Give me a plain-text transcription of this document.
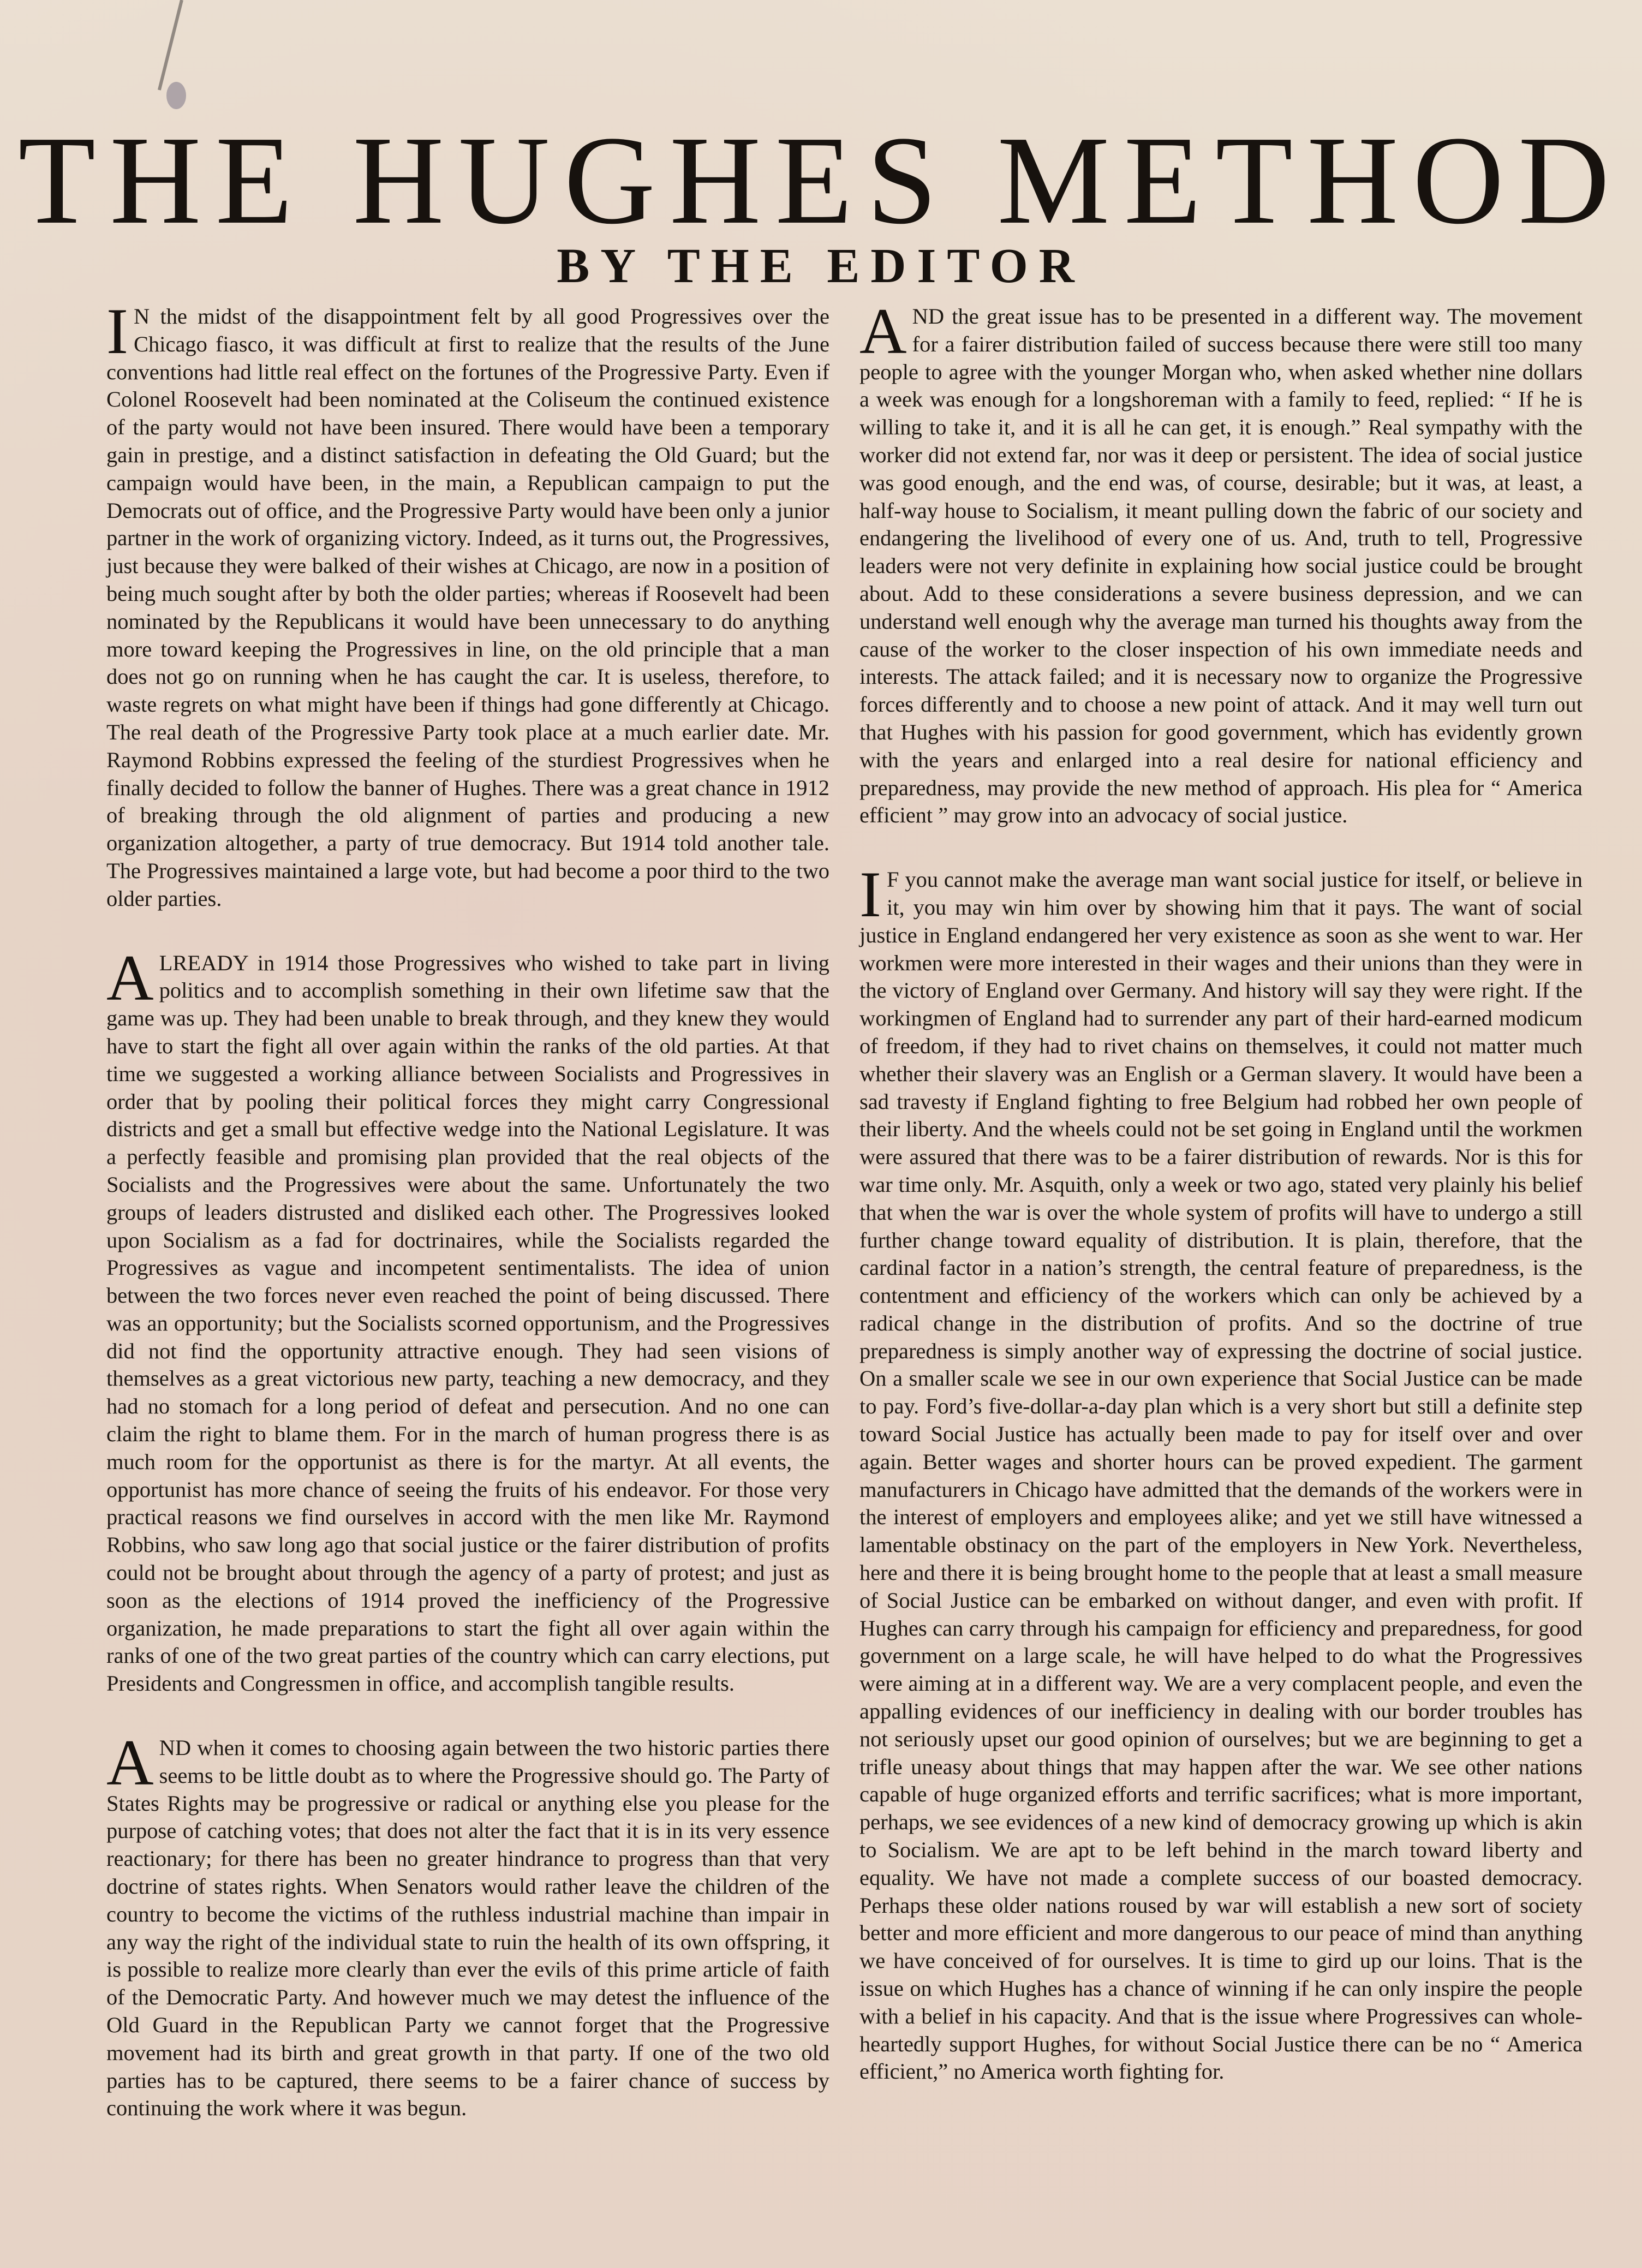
THE HUGHES METHOD
BY THE EDITOR

I N the midst of the disappointment felt by all good Progressives over the Chicago fiasco, it was difficult at first to realize that the results of the June conventions had little real effect on the fortunes of the Progressive Party. Even if Colonel Roosevelt had been nominated at the Coliseum the continued existence of the party would not have been insured. There would have been a temporary gain in prestige, and a distinct satisfaction in defeating the Old Guard; but the campaign would have been, in the main, a Republican campaign to put the Democrats out of office, and the Progressive Party would have been only a junior partner in the work of organizing victory. Indeed, as it turns out, the Progressives, just because they were balked of their wishes at Chicago, are now in a position of being much sought after by both the older parties; whereas if Roosevelt had been nominated by the Republicans it would have been unnecessary to do anything more toward keeping the Progressives in line, on the old principle that a man does not go on running when he has caught the car. It is useless, therefore, to waste regrets on what might have been if things had gone differently at Chicago. The real death of the Progressive Party took place at a much earlier date. Mr. Raymond Robbins expressed the feeling of the sturdiest Progressives when he finally decided to follow the banner of Hughes. There was a great chance in 1912 of breaking through the old alignment of parties and producing a new organization altogether, a party of true democracy. But 1914 told another tale. The Progressives maintained a large vote, but had become a poor third to the two older parties.

ALREADY in 1914 those Progressives who wished to take part in living politics and to accomplish something in their own lifetime saw that the game was up. They had been unable to break through, and they knew they would have to start the fight all over again within the ranks of the old parties. At that time we suggested a working alliance between Socialists and Progressives in order that by pooling their political forces they might carry Congressional districts and get a small but effective wedge into the National Legislature. It was a perfectly feasible and promising plan provided that the real objects of the Socialists and the Progressives were about the same. Unfortunately the two groups of leaders distrusted and disliked each other. The Progressives looked upon Socialism as a fad for doctrinaires, while the Socialists regarded the Progressives as vague and incompetent sentimentalists. The idea of union between the two forces never even reached the point of being discussed. There was an opportunity; but the Socialists scorned opportunism, and the Progressives did not find the opportunity attractive enough. They had seen visions of themselves as a great victorious new party, teaching a new democracy, and they had no stomach for a long period of defeat and persecution. And no one can claim the right to blame them. For in the march of human progress there is as much room for the opportunist as there is for the martyr. At all events, the opportunist has more chance of seeing the fruits of his endeavor. For those very practical reasons we find ourselves in accord with the men like Mr. Raymond Robbins, who saw long ago that social justice or the fairer distribution of profits could not be brought about through the agency of a party of protest; and just as soon as the elections of 1914 proved the inefficiency of the Progressive organization, he made preparations to start the fight all over again within the ranks of one of the two great parties of the country which can carry elections, put Presidents and Congressmen in office, and accomplish tangible results.

AND when it comes to choosing again between the two historic parties there seems to be little doubt as to where the Progressive should go. The Party of States Rights may be progressive or radical or anything else you please for the purpose of catching votes; that does not alter the fact that it is in its very essence reactionary; for there has been no greater hindrance to progress than that very doctrine of states rights. When Senators would rather leave the children of the country to become the victims of the ruthless industrial machine than impair in any way the right of the individual state to ruin the health of its own offspring, it is possible to realize more clearly than ever the evils of this prime article of faith of the Democratic Party. And however much we may detest the influence of the Old Guard in the Republican Party we cannot forget that the Progressive movement had its birth and great growth in that party. If one of the two old parties has to be captured, there seems to be a fairer chance of success by continuing the work where it was begun.

AND the great issue has to be presented in a different way. The movement for a fairer distribution failed of success because there were still too many people to agree with the younger Morgan who, when asked whether nine dollars a week was enough for a longshoreman with a family to feed, replied: “ If he is willing to take it, and it is all he can get, it is enough.” Real sympathy with the worker did not extend far, nor was it deep or persistent. The idea of social justice was good enough, and the end was, of course, desirable; but it was, at least, a half-way house to Socialism, it meant pulling down the fabric of our society and endangering the livelihood of every one of us. And, truth to tell, Progressive leaders were not very definite in explaining how social justice could be brought about. Add to these considerations a severe business depression, and we can understand well enough why the average man turned his thoughts away from the cause of the worker to the closer inspection of his own immediate needs and interests. The attack failed; and it is necessary now to organize the Progressive forces differently and to choose a new point of attack. And it may well turn out that Hughes with his passion for good government, which has evidently grown with the years and enlarged into a real desire for national efficiency and preparedness, may provide the new method of approach. His plea for “ America efficient ” may grow into an advocacy of social justice.

I F you cannot make the average man want social justice for itself, or believe in it, you may win him over by showing him that it pays. The want of social justice in England endangered her very existence as soon as she went to war. Her workmen were more interested in their wages and their unions than they were in the victory of England over Germany. And history will say they were right. If the workingmen of England had to surrender any part of their hard-earned modicum of freedom, if they had to rivet chains on themselves, it could not matter much whether their slavery was an English or a German slavery. It would have been a sad travesty if England fighting to free Belgium had robbed her own people of their liberty. And the wheels could not be set going in England until the workmen were assured that there was to be a fairer distribution of rewards. Nor is this for war time only. Mr. Asquith, only a week or two ago, stated very plainly his belief that when the war is over the whole system of profits will have to undergo a still further change toward equality of distribution. It is plain, therefore, that the cardinal factor in a nation’s strength, the central feature of preparedness, is the contentment and efficiency of the workers which can only be achieved by a radical change in the distribution of profits. And so the doctrine of true preparedness is simply another way of expressing the doctrine of social justice. On a smaller scale we see in our own experience that Social Justice can be made to pay. Ford’s five-dollar-a-day plan which is a very short but still a definite step toward Social Justice has actually been made to pay for itself over and over again. Better wages and shorter hours can be proved expedient. The garment manufacturers in Chicago have admitted that the demands of the workers were in the interest of employers and employees alike; and yet we still have witnessed a lamentable obstinacy on the part of the employers in New York. Nevertheless, here and there it is being brought home to the people that at least a small measure of Social Justice can be embarked on without danger, and even with profit. If Hughes can carry through his campaign for efficiency and preparedness, for good government on a large scale, he will have helped to do what the Progressives were aiming at in a different way. We are a very complacent people, and even the appalling evidences of our inefficiency in dealing with our border troubles has not seriously upset our good opinion of ourselves; but we are beginning to get a trifle uneasy about things that may happen after the war. We see other nations capable of huge organized efforts and terrific sacrifices; what is more important, perhaps, we see evidences of a new kind of democracy growing up which is akin to Socialism. We are apt to be left behind in the march toward liberty and equality. We have not made a complete success of our boasted democracy. Perhaps these older nations roused by war will establish a new sort of society better and more efficient and more dangerous to our peace of mind than anything we have conceived of for ourselves. It is time to gird up our loins. That is the issue on which Hughes has a chance of winning if he can only inspire the people with a belief in his capacity. And that is the issue where Progressives can whole-heartedly support Hughes, for without Social Justice there can be no “ America efficient,” no America worth fighting for.
